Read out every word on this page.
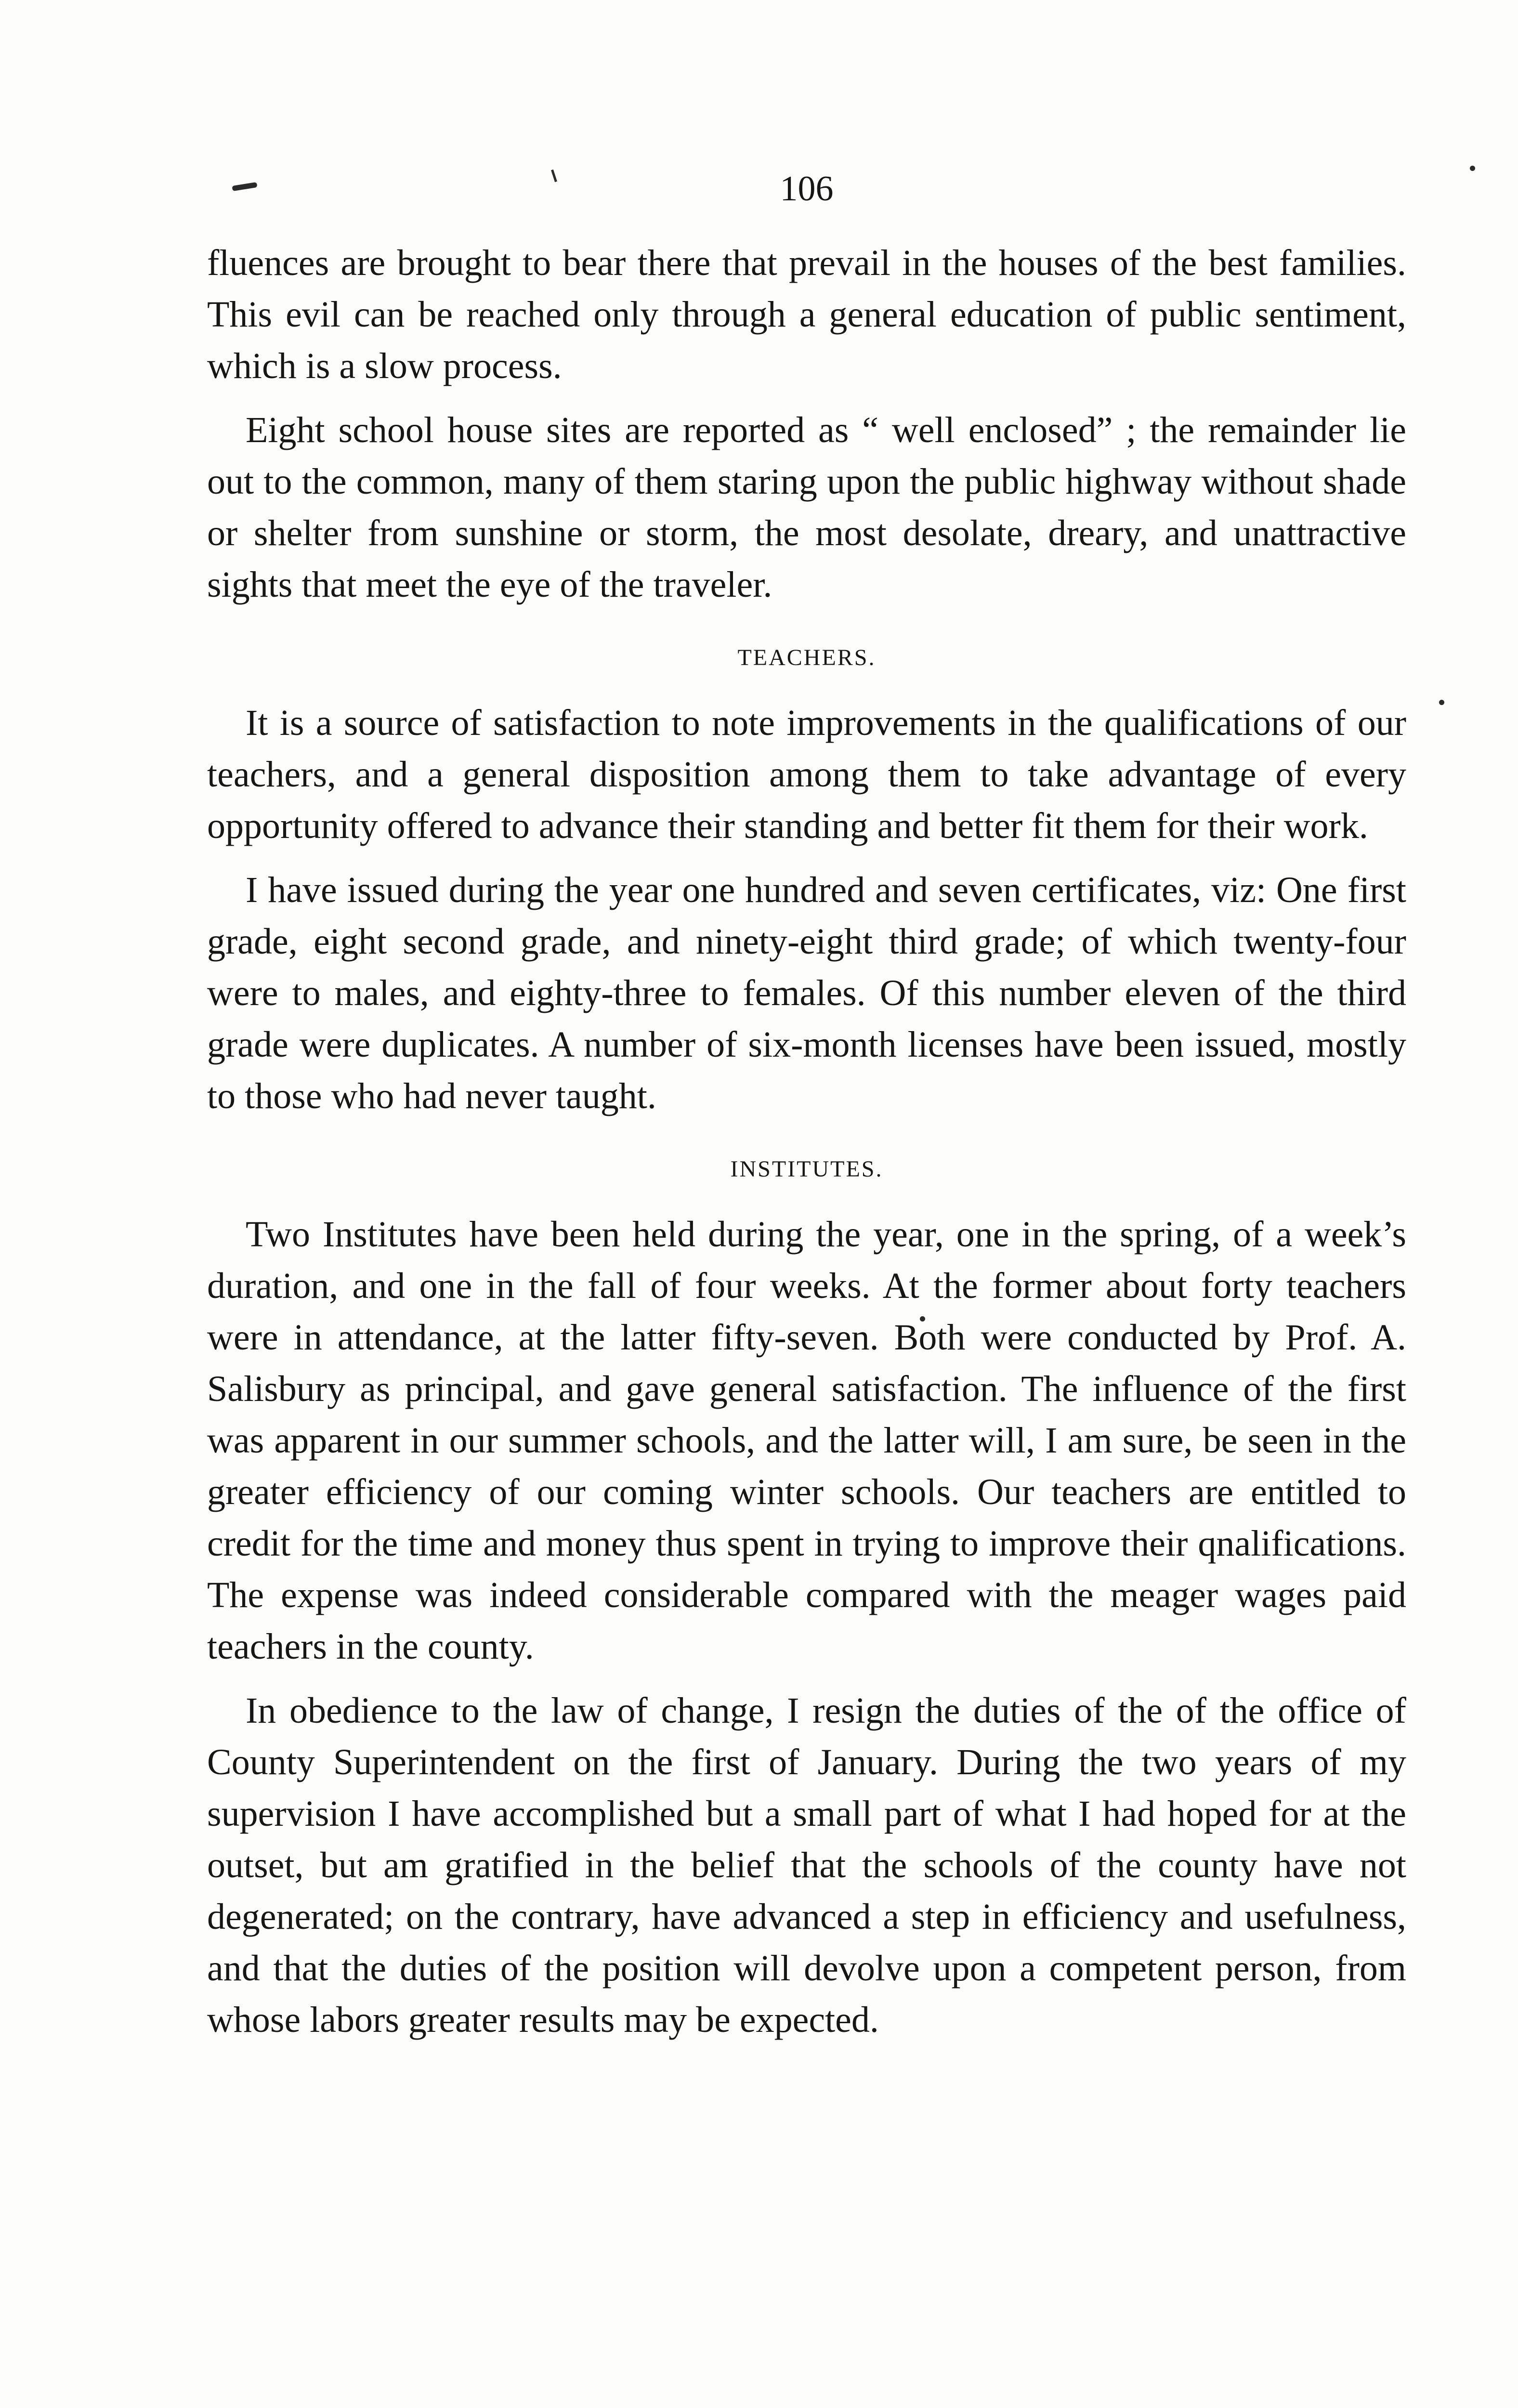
106

fluences are brought to bear there that prevail in the houses of the best families. This evil can be reached only through a general education of public sentiment, which is a slow process.

Eight school house sites are reported as “ well enclosed” ; the remainder lie out to the common, many of them staring upon the public highway without shade or shelter from sunshine or storm, the most desolate, dreary, and unattractive sights that meet the eye of the traveler.

TEACHERS.

It is a source of satisfaction to note improvements in the qualifications of our teachers, and a general disposition among them to take advantage of every opportunity offered to advance their standing and better fit them for their work.

I have issued during the year one hundred and seven certificates, viz: One first grade, eight second grade, and ninety-eight third grade; of which twenty-four were to males, and eighty-three to females. Of this number eleven of the third grade were duplicates. A number of six-month licenses have been issued, mostly to those who had never taught.

INSTITUTES.

Two Institutes have been held during the year, one in the spring, of a week’s duration, and one in the fall of four weeks. At the former about forty teachers were in attendance, at the latter fifty-seven. Both were conducted by Prof. A. Salisbury as principal, and gave general satisfaction. The influence of the first was apparent in our summer schools, and the latter will, I am sure, be seen in the greater efficiency of our coming winter schools. Our teachers are entitled to credit for the time and money thus spent in trying to improve their qnalifications. The expense was indeed considerable compared with the meager wages paid teachers in the county.

In obedience to the law of change, I resign the duties of the of the office of County Superintendent on the first of January. During the two years of my supervision I have accomplished but a small part of what I had hoped for at the outset, but am gratified in the belief that the schools of the county have not degenerated; on the contrary, have advanced a step in efficiency and usefulness, and that the duties of the position will devolve upon a competent person, from whose labors greater results may be expected.
